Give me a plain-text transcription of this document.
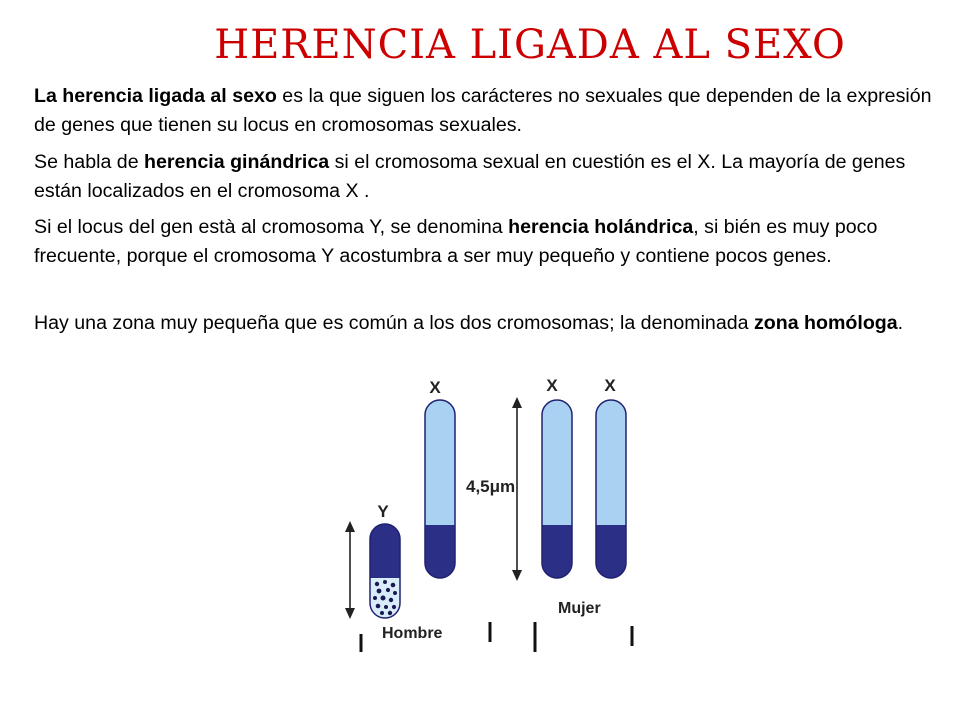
HERENCIA LIGADA AL SEXO

La herencia ligada al sexo es la que siguen los carácteres no sexuales que dependen de la expresión de genes que tienen su locus en cromosomas sexuales.

Se habla de herencia ginándrica si el cromosoma sexual en cuestión es el X. La mayoría de genes están localizados en el cromosoma X .

Si el locus del gen està al cromosoma Y, se denomina herencia holándrica, si bién es muy poco frecuente, porque el cromosoma Y acostumbra a ser muy pequeño y contiene pocos genes.

Hay una zona muy pequeña que es común a los dos cromosomas; la denominada zona homóloga.

X	X	X
Y
4,5μm
Hombre
Mujer
